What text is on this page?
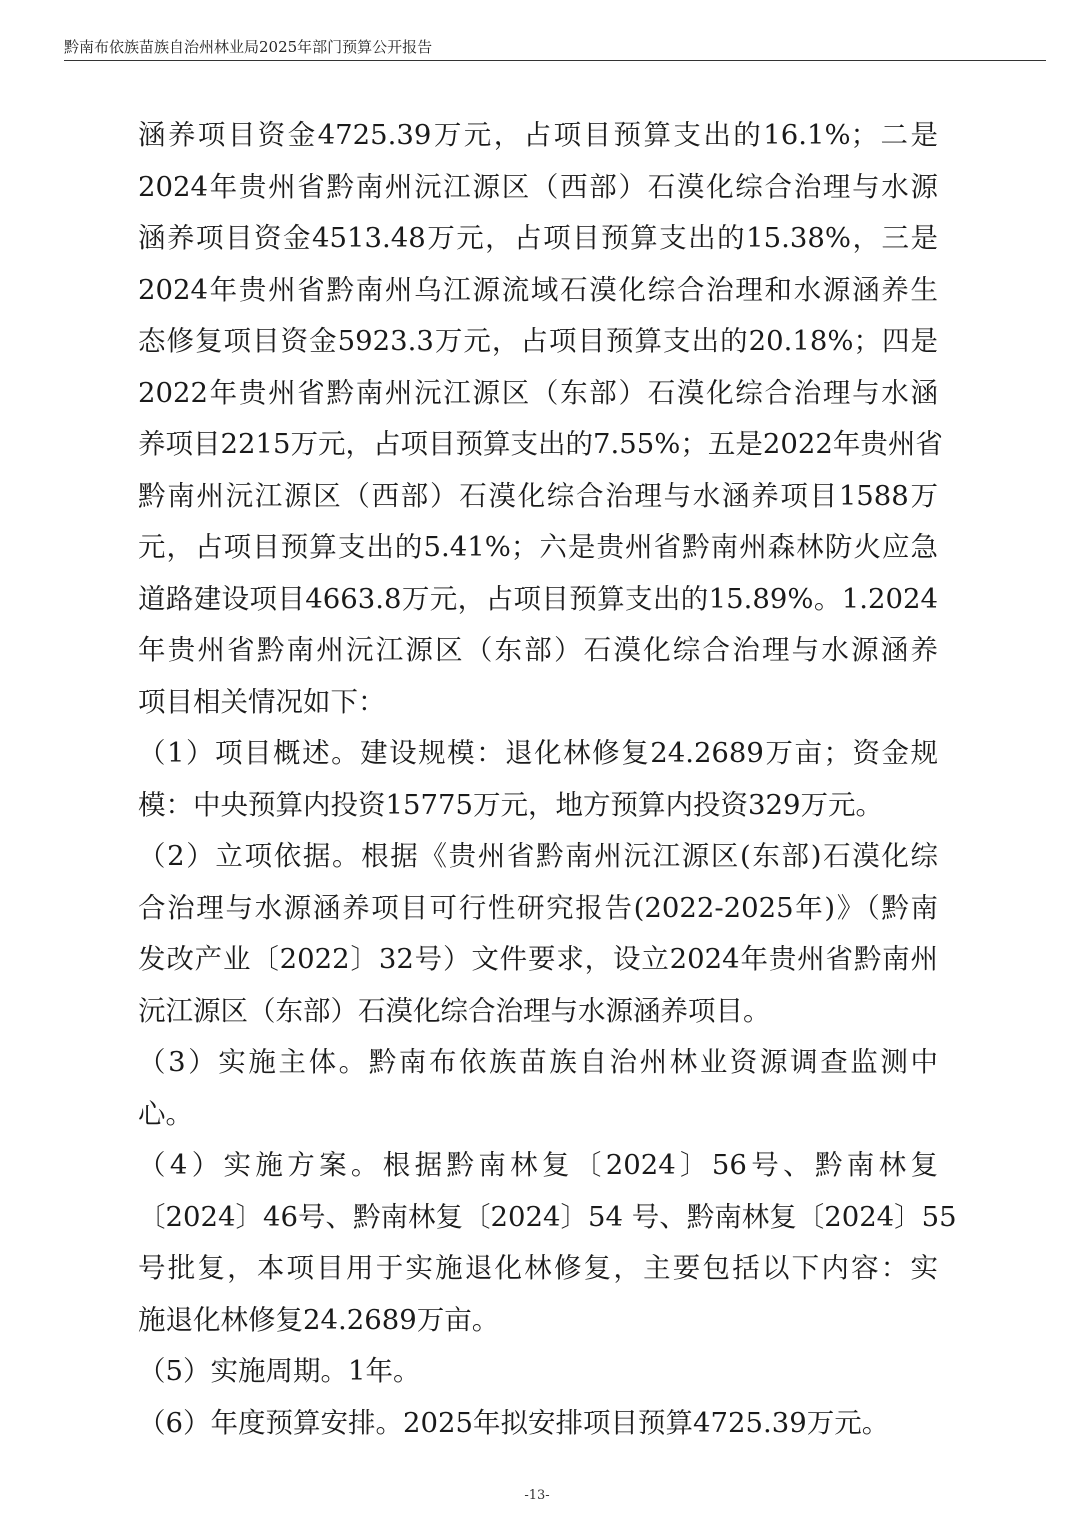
黔南布依族苗族自治州林业局2025年部门预算公开报告
涵养项目资金4725.39万元，占项目预算支出的16.1%；二是
2024年贵州省黔南州沅江源区（西部）石漠化综合治理与水源
涵养项目资金4513.48万元，占项目预算支出的15.38%，三是
2024年贵州省黔南州乌江源流域石漠化综合治理和水源涵养生
态修复项目资金5923.3万元，占项目预算支出的20.18%；四是
2022年贵州省黔南州沅江源区（东部）石漠化综合治理与水涵
养项目2215万元，占项目预算支出的7.55%；五是2022年贵州省
黔南州沅江源区（西部）石漠化综合治理与水涵养项目1588万
元，占项目预算支出的5.41%；六是贵州省黔南州森林防火应急
道路建设项目4663.8万元，占项目预算支出的15.89%。1.2024
年贵州省黔南州沅江源区（东部）石漠化综合治理与水源涵养
项目相关情况如下：
（1）项目概述。建设规模：退化林修复24.2689万亩；资金规
模：中央预算内投资15775万元，地方预算内投资329万元。
（2）立项依据。根据《贵州省黔南州沅江源区(东部)石漠化综
合治理与水源涵养项目可行性研究报告(2022-2025年)》（黔南
发改产业〔2022〕32号）文件要求，设立2024年贵州省黔南州
沅江源区（东部）石漠化综合治理与水源涵养项目。
（3）实施主体。黔南布依族苗族自治州林业资源调查监测中
心。
（4）实施方案。根据黔南林复〔2024〕56号、黔南林复
〔2024〕46号、黔南林复〔2024〕54 号、黔南林复〔2024〕55
号批复，本项目用于实施退化林修复，主要包括以下内容：实
施退化林修复24.2689万亩。
（5）实施周期。1年。
（6）年度预算安排。2025年拟安排项目预算4725.39万元。
-13-
